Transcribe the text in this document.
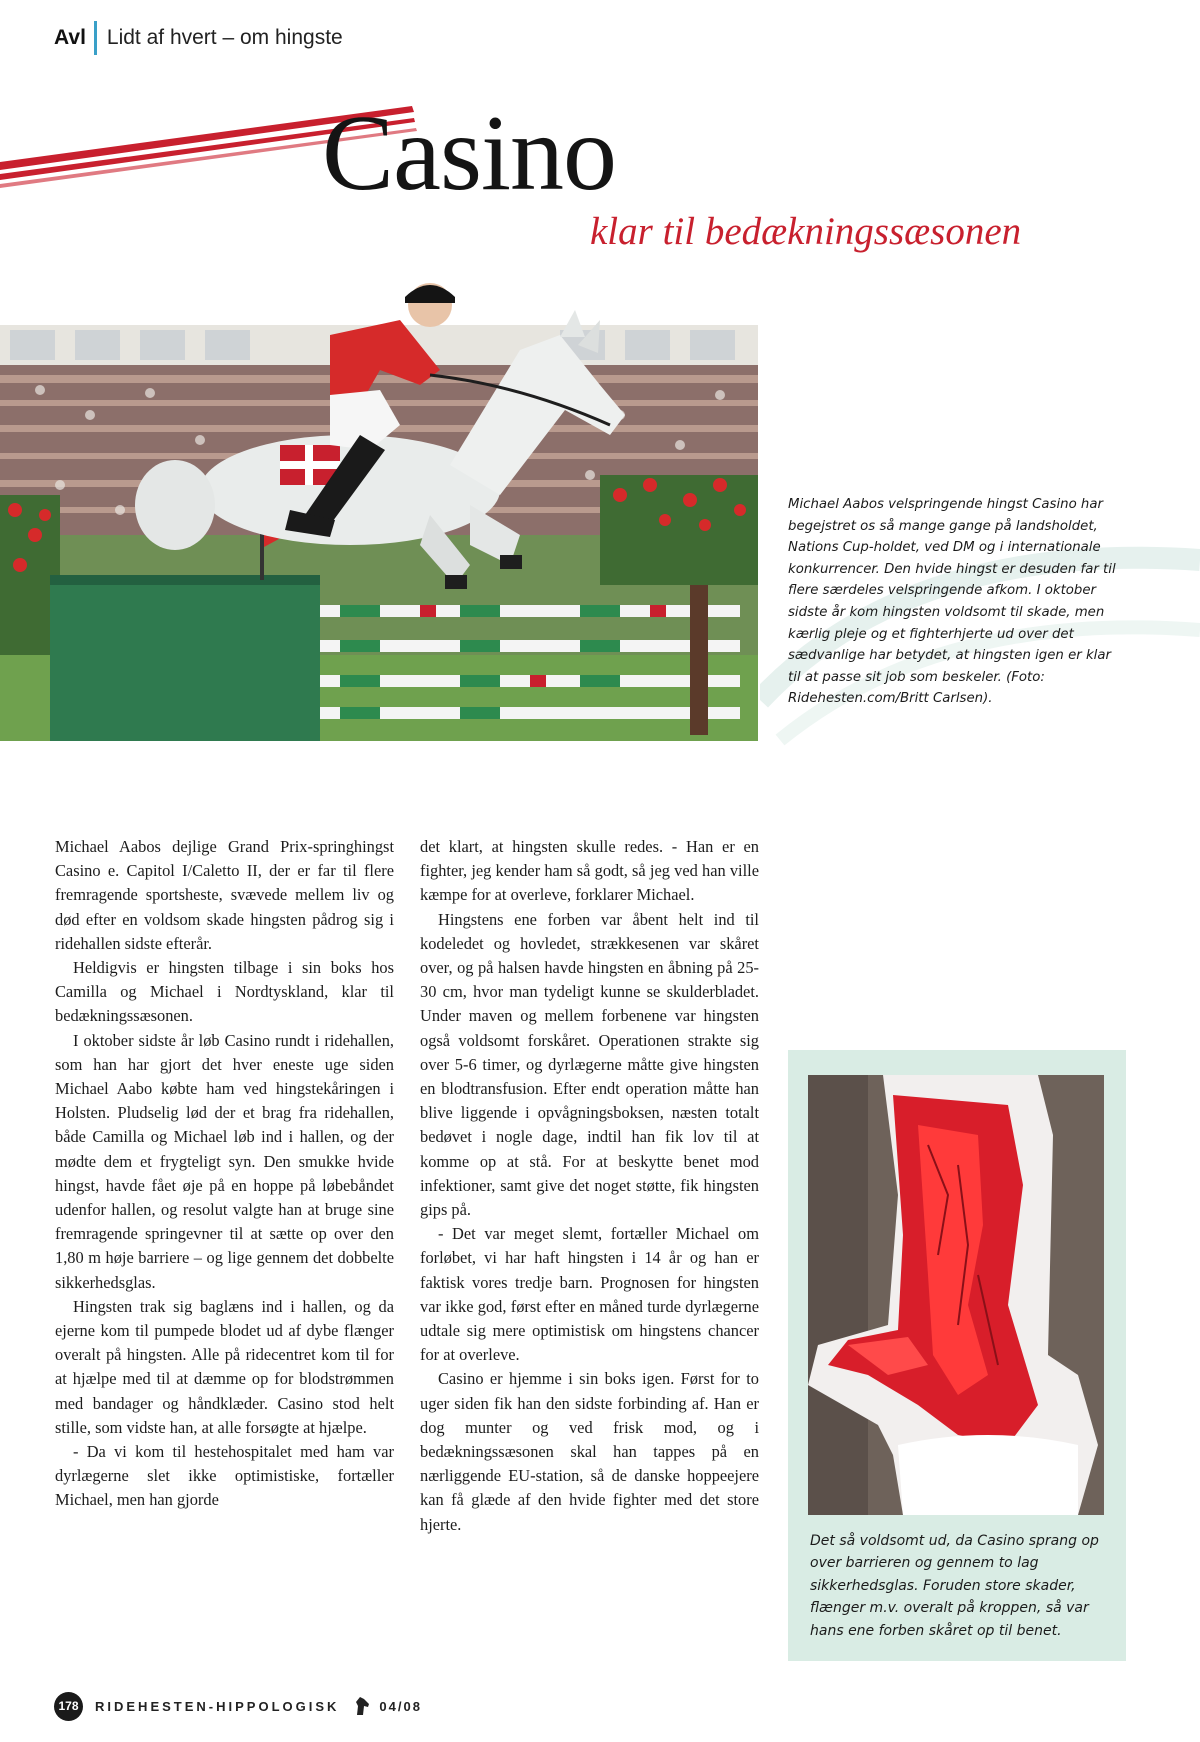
Avl Lidt af hvert – om hingste
Casino
klar til bedækningssæsonen
Michael Aabos velspringende hingst Casino har begejstret os så mange gange på landsholdet, Nations Cup-holdet, ved DM og i internationale konkurrencer. Den hvide hingst er desuden far til flere særdeles velspringende afkom. I oktober sidste år kom hingsten voldsomt til skade, men kærlig pleje og et fighterhjerte ud over det sædvanlige har betydet, at hingsten igen er klar til at passe sit job som beskeler. (Foto: Ridehesten.com/Britt Carlsen).

Michael Aabos dejlige Grand Prix-springhingst Casino e. Capitol I/Caletto II, der er far til flere fremragende sportsheste, svævede mellem liv og død efter en voldsom skade hingsten pådrog sig i ridehallen sidste efterår.

Heldigvis er hingsten tilbage i sin boks hos Camilla og Michael i Nordtyskland, klar til bedækningssæsonen.

I oktober sidste år løb Casino rundt i ridehallen, som han har gjort det hver eneste uge siden Michael Aabo købte ham ved hingstekåringen i Holsten. Pludselig lød der et brag fra ridehallen, både Camilla og Michael løb ind i hallen, og der mødte dem et frygteligt syn. Den smukke hvide hingst, havde fået øje på en hoppe på løbebåndet udenfor hallen, og resolut valgte han at bruge sine fremragende springevner til at sætte op over den 1,80 m høje barriere – og lige gennem det dobbelte sikkerhedsglas.

Hingsten trak sig baglæns ind i hallen, og da ejerne kom til pumpede blodet ud af dybe flænger overalt på hingsten. Alle på ridecentret kom til for at hjælpe med til at dæmme op for blodstrømmen med bandager og håndklæder. Casino stod helt stille, som vidste han, at alle forsøgte at hjælpe.

- Da vi kom til hestehospitalet med ham var dyrlægerne slet ikke optimistiske, fortæller Michael, men han gjorde

det klart, at hingsten skulle redes. - Han er en fighter, jeg kender ham så godt, så jeg ved han ville kæmpe for at overleve, forklarer Michael.

Hingstens ene forben var åbent helt ind til kodeledet og hovledet, strækkesenen var skåret over, og på halsen havde hingsten en åbning på 25-30 cm, hvor man tydeligt kunne se skulderbladet. Under maven og mellem forbenene var hingsten også voldsomt forskåret. Operationen strakte sig over 5-6 timer, og dyrlægerne måtte give hingsten en blodtransfusion. Efter endt operation måtte han blive liggende i opvågningsboksen, næsten totalt bedøvet i nogle dage, indtil han fik lov til at komme op at stå. For at beskytte benet mod infektioner, samt give det noget støtte, fik hingsten gips på.

- Det var meget slemt, fortæller Michael om forløbet, vi har haft hingsten i 14 år og han er faktisk vores tredje barn. Prognosen for hingsten var ikke god, først efter en måned turde dyrlægerne udtale sig mere optimistisk om hingstens chancer for at overleve.

Casino er hjemme i sin boks igen. Først for to uger siden fik han den sidste forbinding af. Han er dog munter og ved frisk mod, og i bedækningssæsonen skal han tappes på en nærliggende EU-station, så de danske hoppeejere kan få glæde af den hvide fighter med det store hjerte.

Det så voldsomt ud, da Casino sprang op over barrieren og gennem to lag sikkerhedsglas. Foruden store skader, flænger m.v. overalt på kroppen, så var hans ene forben skåret op til benet.
178	RIDEHESTEN-HIPPOLOGISK	04/08
